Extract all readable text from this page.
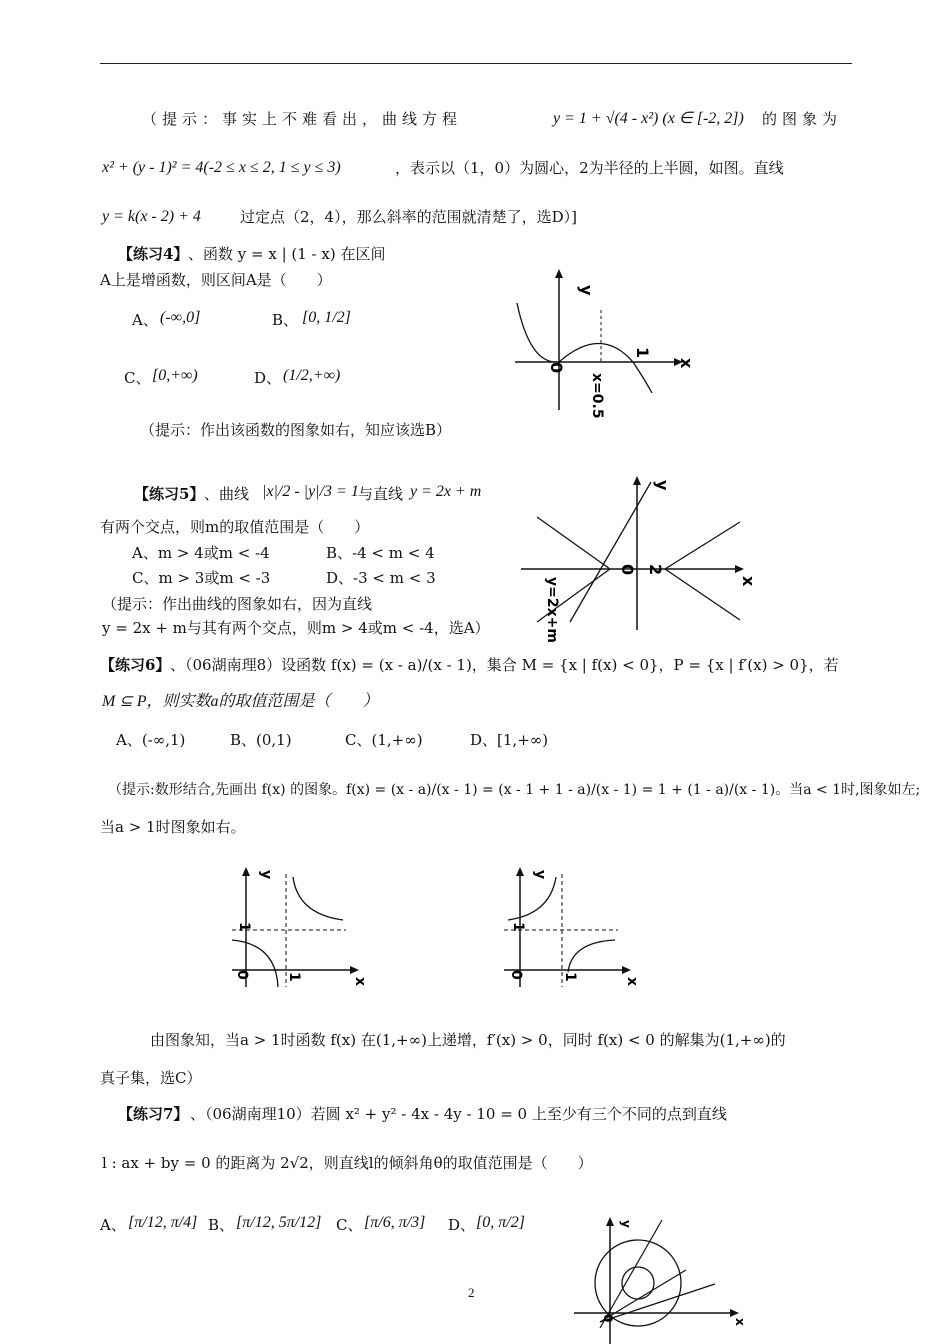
（提示：事实上不难看出，曲线方程	y = 1 + √(4 - x²) (x ∈ [-2, 2]) 的图象为
x² + (y - 1)² = 4(-2 ≤ x ≤ 2, 1 ≤ y ≤ 3)	，表示以（1，0）为圆心，2为半径的上半圆，如图。直线
y = k(x - 2) + 4	过定点（2，4），那么斜率的范围就清楚了，选D）]
【练习4】 、函数 y = x | (1 - x) 在区间
A上是增函数，则区间A是（　　）
A、 (-∞,0]	B、 [0, 1/2]
C、 [0,+∞)	D、 (1/2,+∞)
（提示：作出该函数的图象如右，知应该选B）
y
x
0
1
x=0.5
【练习5】 、曲线 |x|/2 - |y|/3 = 1 与直线 y = 2x + m
有两个交点，则m的取值范围是（　　）
A、m > 4或m < -4	B、-4 < m < 4
C、m > 3或m < -3	D、-3 < m < 3
（提示：作出曲线的图象如右，因为直线
y = 2x + m与其有两个交点，则m > 4或m < -4，选A）
y
x
0 2
y=2x+m
【练习6】 、（06湖南理8）设函数 f(x) = (x - a)/(x - 1)，集合 M = {x | f(x) < 0}，P = {x | f′(x) > 0}，若
M ⊆ P，则实数a的取值范围是（　　）
A、(-∞,1)	B、(0,1)	C、(1,+∞)	D、[1,+∞)
（提示:数形结合,先画出 f(x) 的图象。f(x) = (x - a)/(x - 1) = (x - 1 + 1 - a)/(x - 1) = 1 + (1 - a)/(x - 1)。当a < 1时,图象如左;
当a > 1时图象如右。
y
x
0	1
1
y
x
0	1
1
由图象知，当a > 1时函数 f(x) 在(1,+∞)上递增，f′(x) > 0，同时 f(x) < 0 的解集为(1,+∞)的
真子集，选C）
【练习7】 、（06湖南理10）若圆 x² + y² - 4x - 4y - 10 = 0 上至少有三个不同的点到直线
l : ax + by = 0 的距离为 2√2，则直线l的倾斜角θ的取值范围是（　　）
A、 [π/12, π/4] B、 [π/12, 5π/12] C、 [π/6, π/3] D、 [0, π/2]	y
x
0
2
